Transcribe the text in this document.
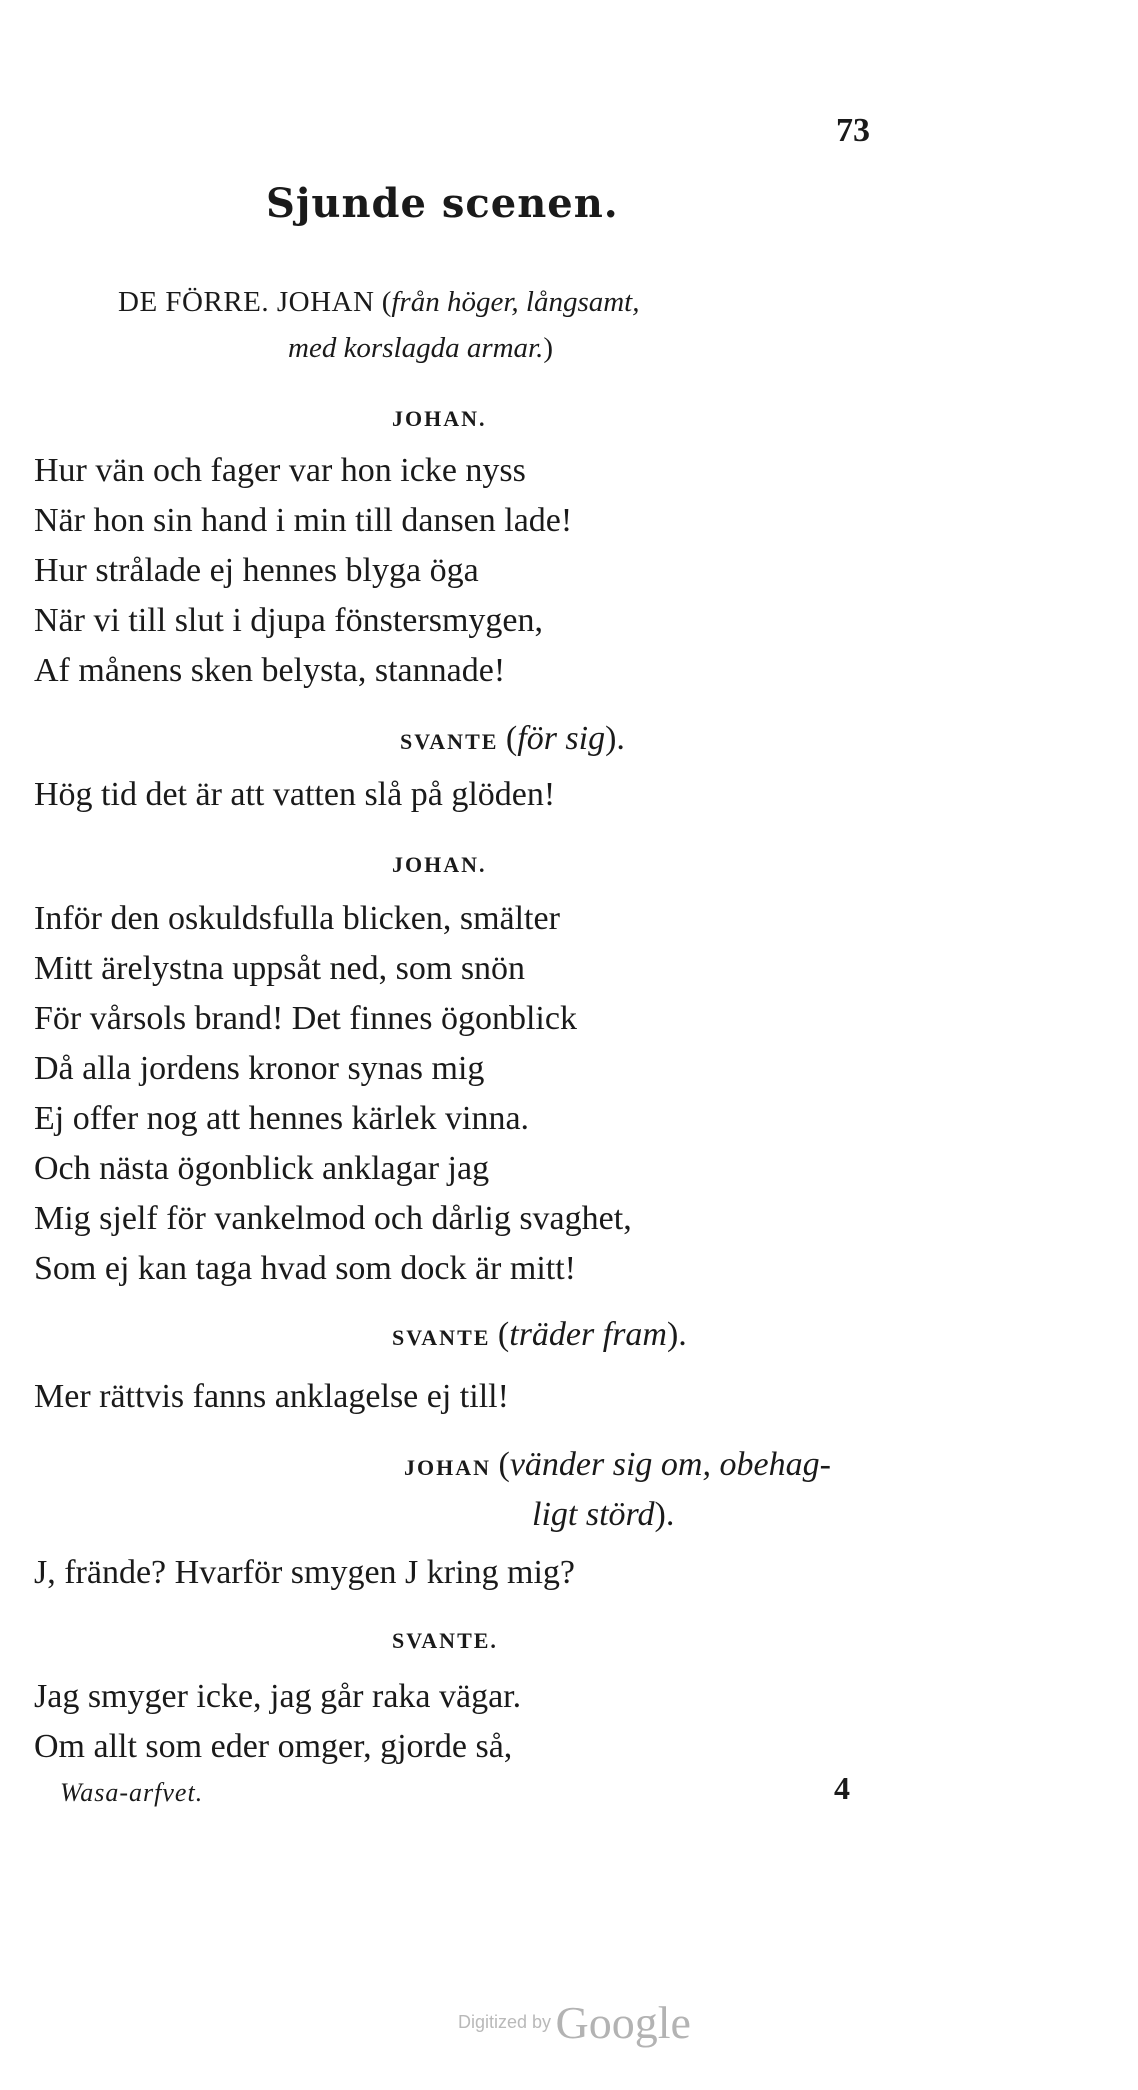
73
Sjunde scenen.
DE FÖRRE. JOHAN (från höger, långsamt,
med korslagda armar.)
JOHAN.
Hur vän och fager var hon icke nyss
När hon sin hand i min till dansen lade!
Hur strålade ej hennes blyga öga
När vi till slut i djupa fönstersmygen,
Af månens sken belysta, stannade!
SVANTE (för sig).
Hög tid det är att vatten slå på glöden!
JOHAN.
Inför den oskuldsfulla blicken, smälter
Mitt ärelystna uppsåt ned, som snön
För vårsols brand! Det finnes ögonblick
Då alla jordens kronor synas mig
Ej offer nog att hennes kärlek vinna.
Och nästa ögonblick anklagar jag
Mig sjelf för vankelmod och dårlig svaghet,
Som ej kan taga hvad som dock är mitt!
SVANTE (träder fram).
Mer rättvis fanns anklagelse ej till!
JOHAN (vänder sig om, obehag-
ligt störd).
J, frände? Hvarför smygen J kring mig?
SVANTE.
Jag smyger icke, jag går raka vägar.
Om allt som eder omger, gjorde så,
Wasa-arfvet.	4
Digitized by Google
